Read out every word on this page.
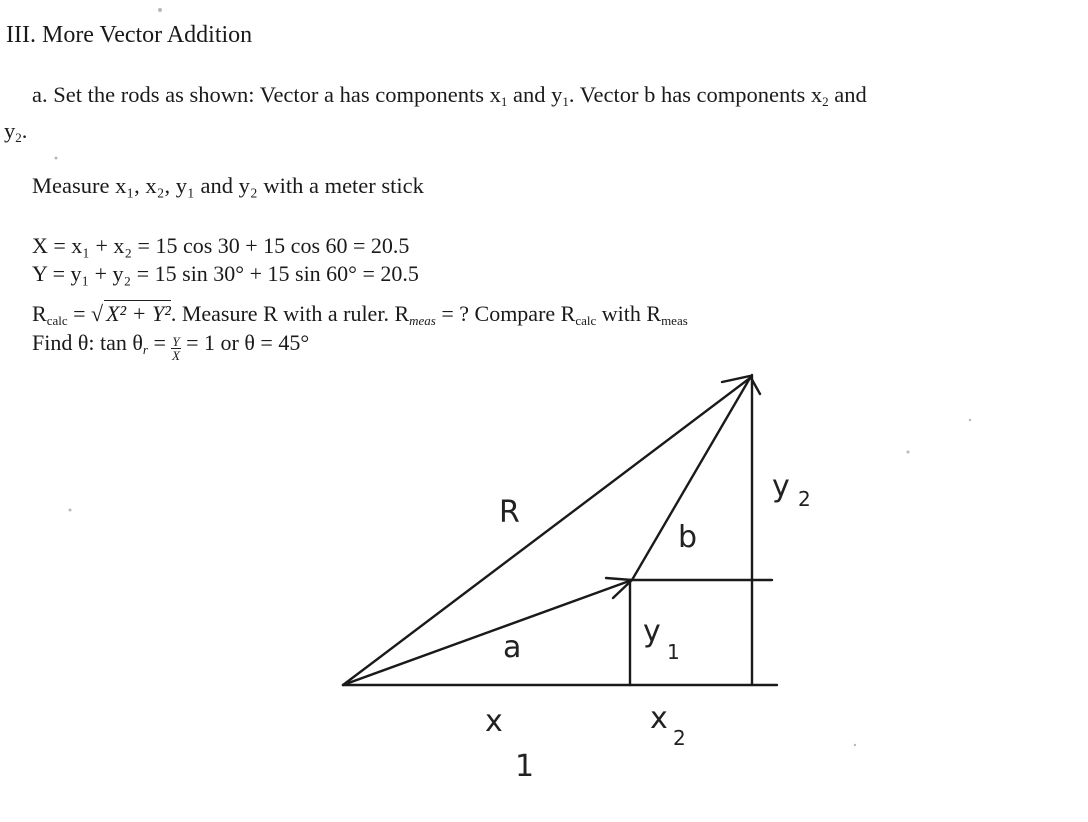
III. More Vector Addition
a. Set the rods as shown: Vector a has components $x_1$ and $y_1$. Vector b has components $x_2$ and
$y_2$.
Measure x₁, x₂, y₁ and y₂ with a meter stick
X = x₁ + x₂ = 15 cos 30 + 15 cos 60 = 20.5
Y = y₁ + y₂ = 15 sin 30° + 15 sin 60° = 20.5
$R_{calc}$ = √ X² + Y². Measure R with a ruler. $R_{meas}$ = ? Compare $R_{calc}$ with $R_{meas}$
Find θ: $\tan \theta_r = \frac{Y}{X} = 1$ or θ = 45°
R
a
b
y
1
y 2
x
1
x
2
